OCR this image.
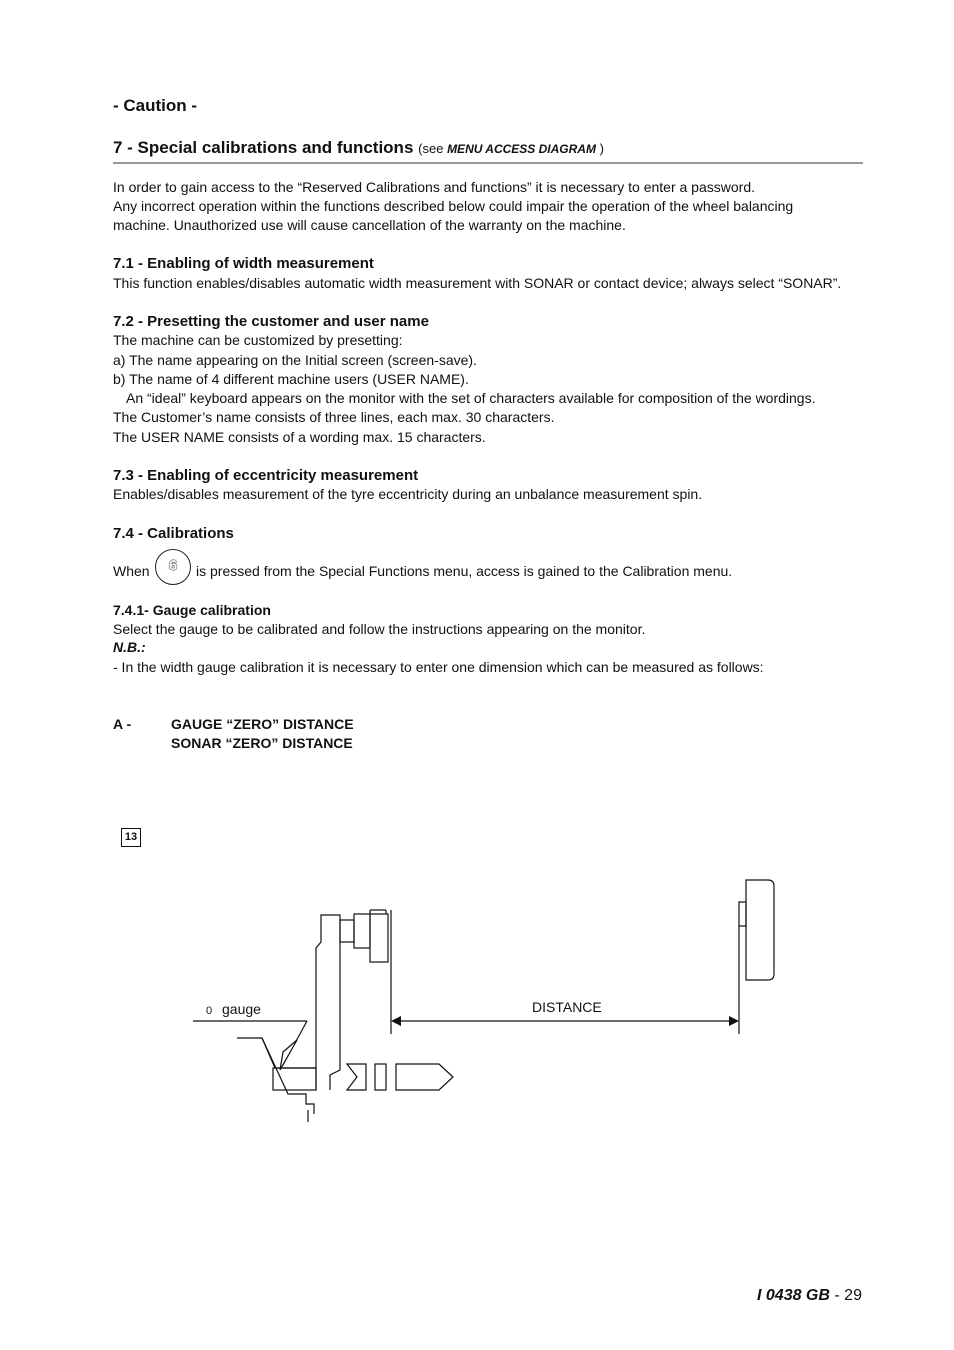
- Caution -
7 - Special calibrations and functions (see MENU ACCESS DIAGRAM )
In order to gain access to the “Reserved Calibrations and functions” it is necessary to enter a password.
Any incorrect operation within the functions described below could impair the operation of the wheel balancing
machine. Unauthorized use will cause cancellation of the warranty on the machine.
7.1 - Enabling of width measurement
This function enables/disables automatic width measurement with SONAR or contact device; always select “SONAR”.
7.2 - Presetting the customer and user name
The machine can be customized by presetting:
a) The name appearing on the Initial screen (screen-save).
b) The name of 4 different machine users (USER NAME).
An “ideal” keyboard appears on the monitor with the set of characters available for composition of the wordings.
The Customer’s name consists of three lines, each max. 30 characters.
The USER NAME consists of a wording max. 15 characters.
7.3 - Enabling of eccentricity measurement
Enables/disables measurement of the tyre eccentricity during an unbalance measurement spin.
7.4 - Calibrations
When	6	is pressed from the Special Functions menu, access is gained to the Calibration menu.
7.4.1- Gauge calibration
Select the gauge to be calibrated and follow the instructions appearing on the monitor.
N.B.:
- In the width gauge calibration it is necessary to enter one dimension which can be measured as follows:
A -	GAUGE “ZERO” DISTANCE
SONAR “ZERO” DISTANCE
13
0 gauge	DISTANCE
I 0438 GB - 29
